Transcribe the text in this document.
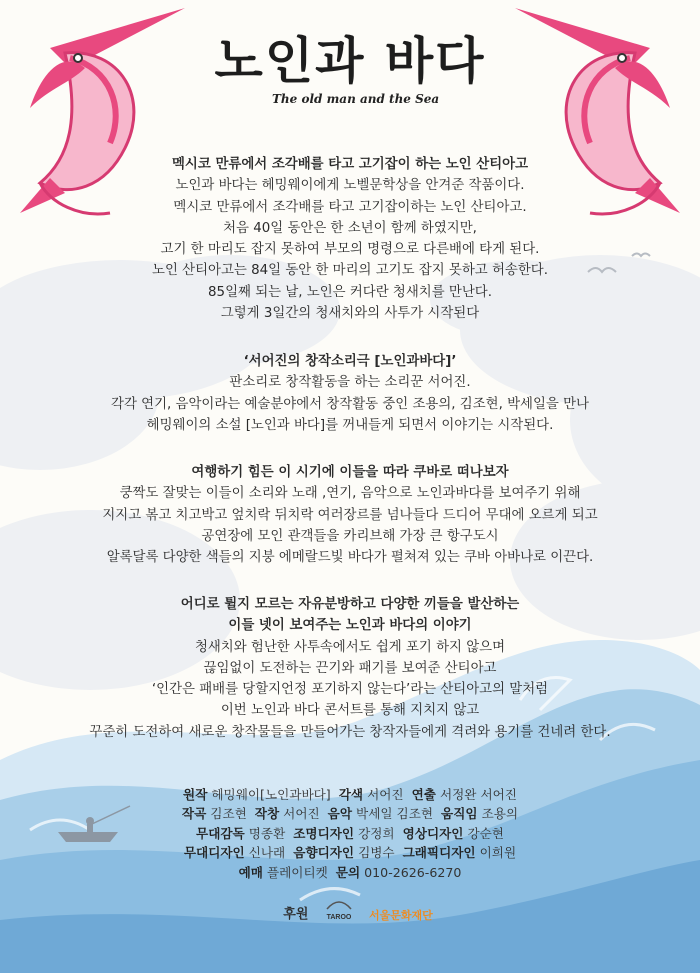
노인과 바다
The old man and the Sea

멕시코 만류에서 조각배를 타고 고기잡이 하는 노인 산티아고

노인과 바다는 헤밍웨이에게 노벨문학상을 안겨준 작품이다.

멕시코 만류에서 조각배를 타고 고기잡이하는 노인 산티아고.

처음 40일 동안은 한 소년이 함께 하였지만,

고기 한 마리도 잡지 못하여 부모의 명령으로 다른배에 타게 된다.

노인 산티아고는 84일 동안 한 마리의 고기도 잡지 못하고 허송한다.

85일째 되는 날, 노인은 커다란 청새치를 만난다.

그렇게 3일간의 청새치와의 사투가 시작된다

‘서어진의 창작소리극 [노인과바다]’

판소리로 창작활동을 하는 소리꾼 서어진.

각각 연기, 음악이라는 예술분야에서 창작활동 중인 조용의, 김조현, 박세일을 만나

헤밍웨이의 소설 [노인과 바다]를 꺼내들게 되면서 이야기는 시작된다.

여행하기 힘든 이 시기에 이들을 따라 쿠바로 떠나보자

쿵짝도 잘맞는 이들이 소리와 노래 ,연기, 음악으로 노인과바다를 보여주기 위해

지지고 볶고 치고박고 엎치락 뒤치락 여러장르를 넘나들다 드디어 무대에 오르게 되고

공연장에 모인 관객들을 카리브해 가장 큰 항구도시

알록달록 다양한 색들의 지붕 에메랄드빛 바다가 펼쳐져 있는 쿠바 아바나로 이끈다.

어디로 튈지 모르는 자유분방하고 다양한 끼들을 발산하는

이들 넷이 보여주는 노인과 바다의 이야기

청새치와 험난한 사투속에서도 쉽게 포기 하지 않으며

끊임없이 도전하는 끈기와 패기를 보여준 산티아고

‘인간은 패배를 당할지언정 포기하지 않는다’라는 산티아고의 말처럼

이번 노인과 바다 콘서트를 통해 지치지 않고

꾸준히 도전하여 새로운 창작물들을 만들어가는 창작자들에게 격려와 용기를 건네려 한다.

원작 헤밍웨이[노인과바다] 각색 서어진 연출 서정완 서어진
작곡 김조현 작창 서어진 음악 박세일 김조현 움직임 조용의
무대감독 명종환 조명디자인 강정희 영상디자인 강순현
무대디자인 신나래 음향디자인 김병수 그래픽디자인 이희원
예매 플레이티켓 문의 010-2626-6270
후원	TAROO
서울문화재단
